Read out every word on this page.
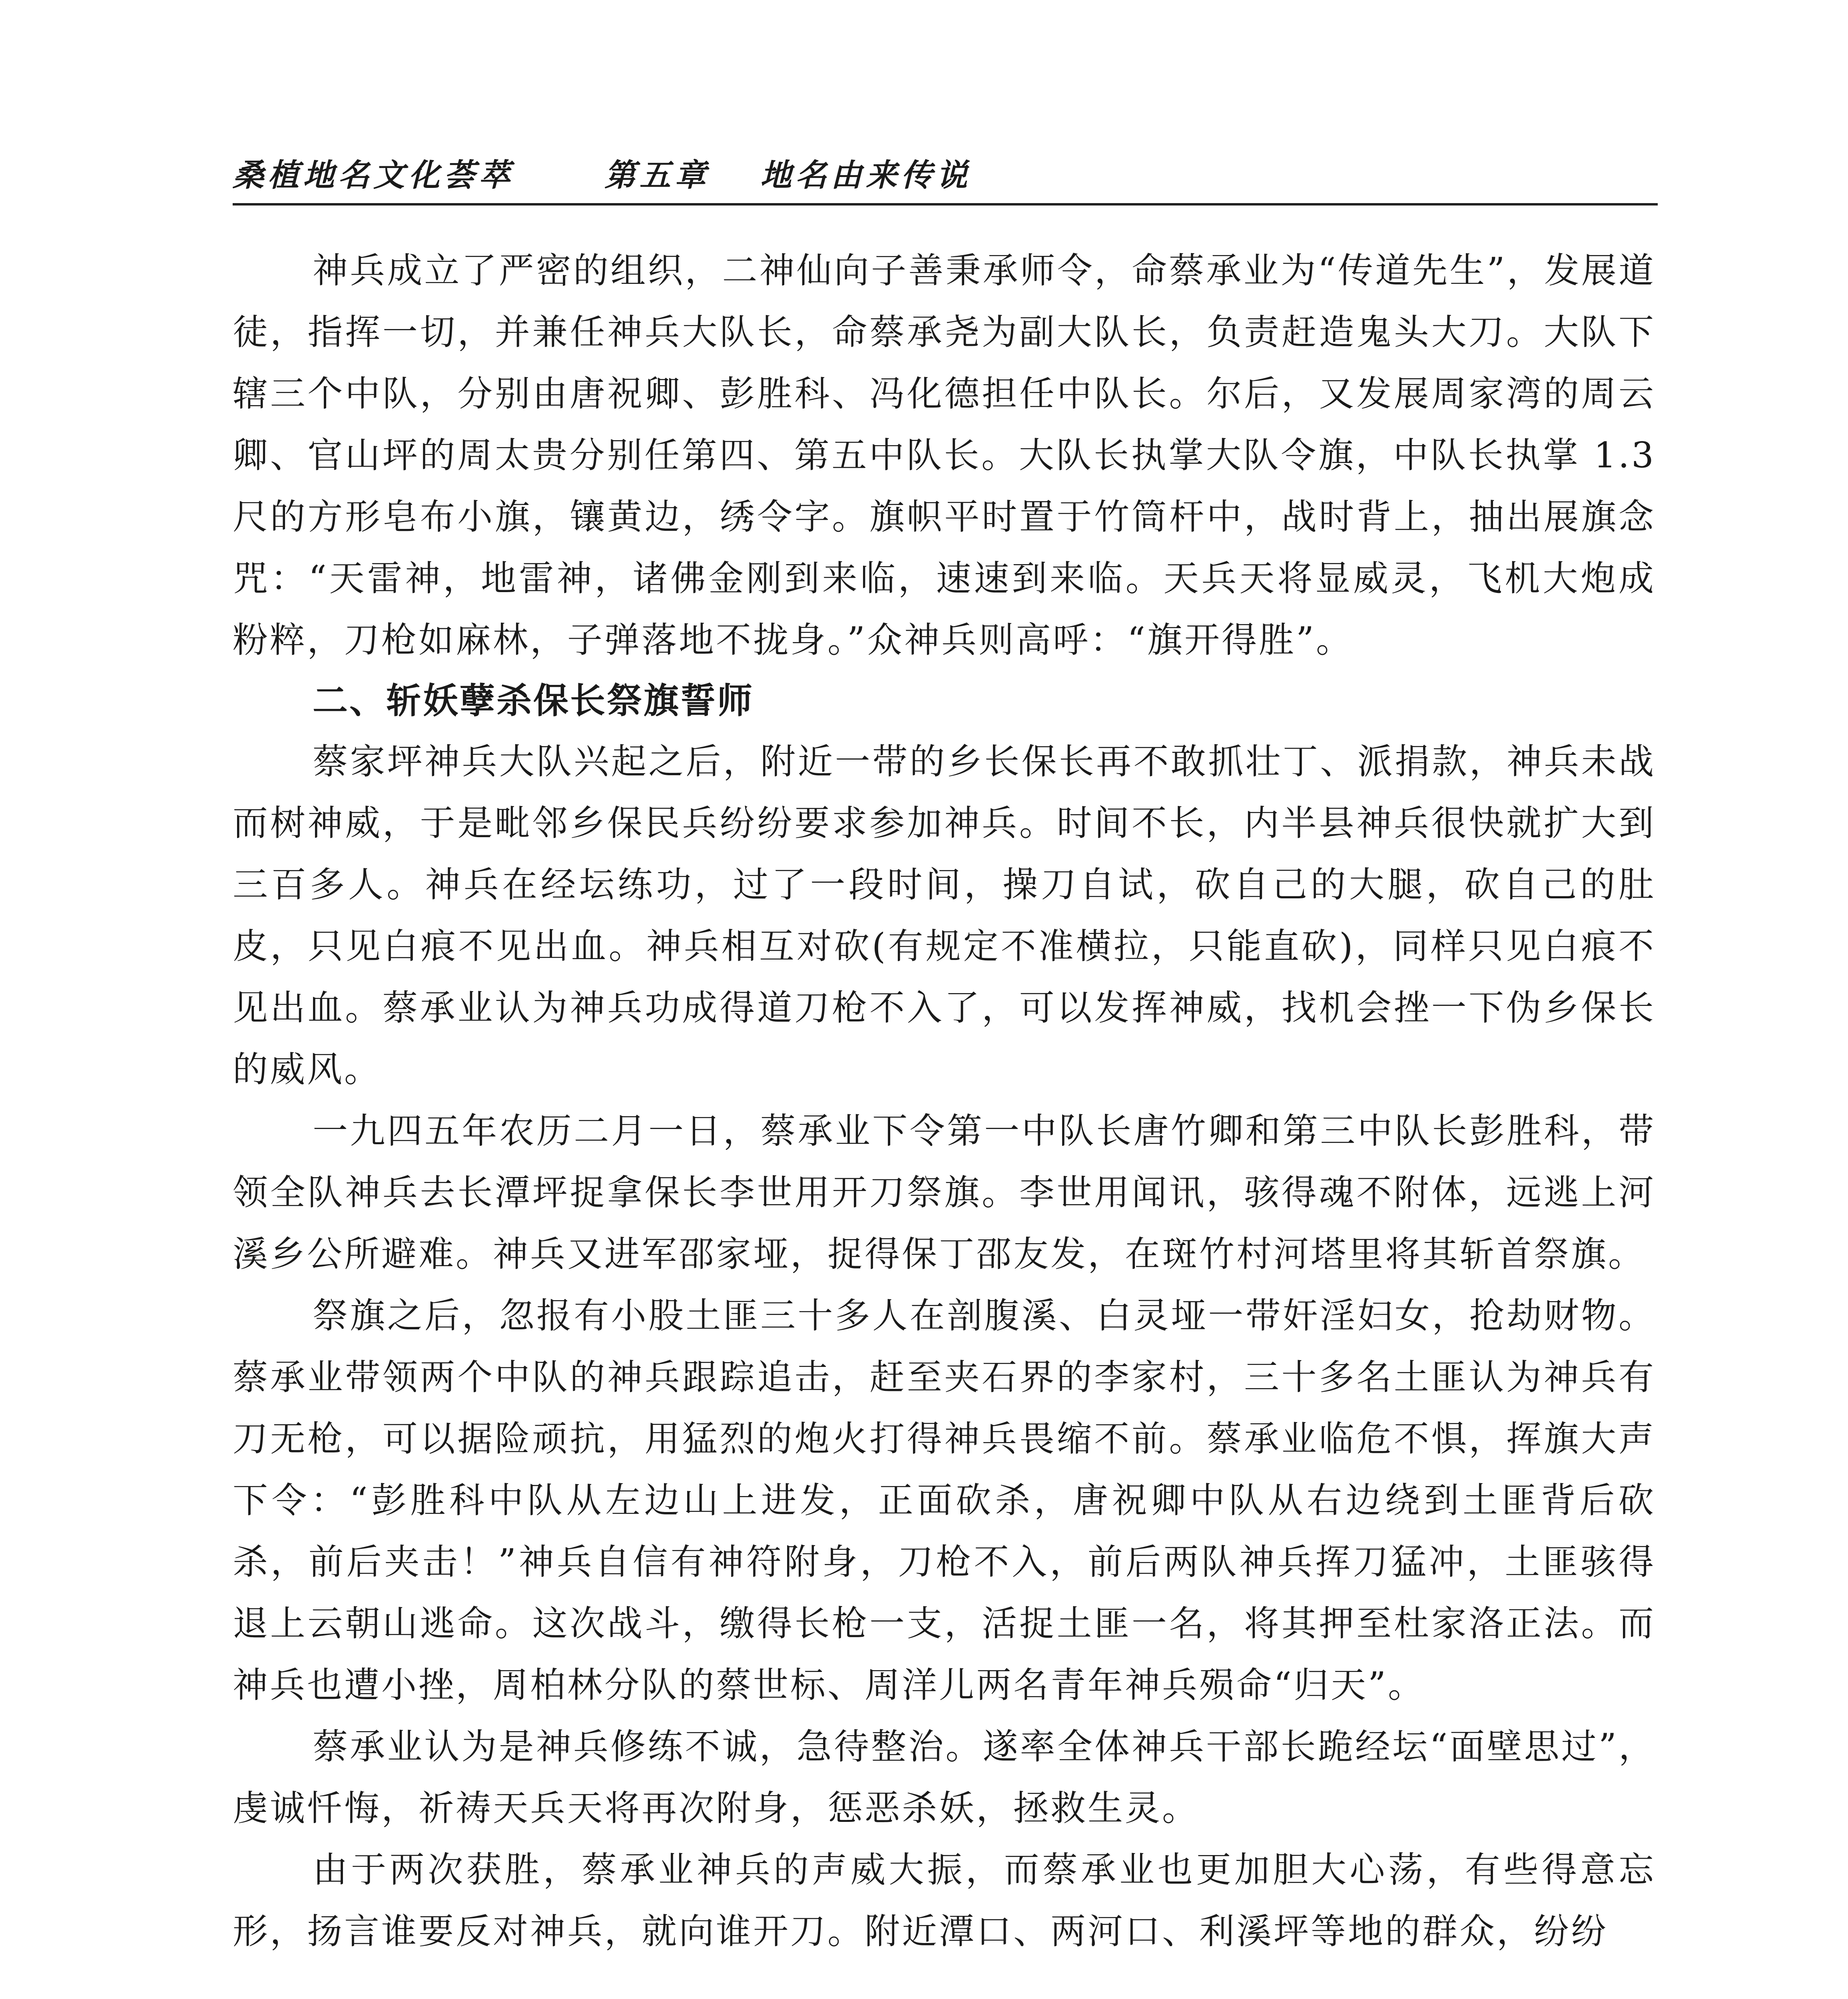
桑植地名文化荟萃	第五章 地名由来传说

神兵成立了严密的组织，二神仙向子善秉承师令，命蔡承业为“传道先生”，发展道徒，指挥一切，并兼任神兵大队长，命蔡承尧为副大队长，负责赶造鬼头大刀。大队下辖三个中队，分别由唐祝卿、彭胜科、冯化德担任中队长。尔后，又发展周家湾的周云卿、官山坪的周太贵分别任第四、第五中队长。大队长执掌大队令旗，中队长执掌 1.3 尺的方形皂布小旗，镶黄边，绣令字。旗帜平时置于竹筒杆中，战时背上，抽出展旗念咒：“天雷神，地雷神，诸佛金刚到来临，速速到来临。天兵天将显威灵，飞机大炮成粉粹，刀枪如麻林，子弹落地不拢身。”众神兵则高呼：“旗开得胜”。

二、斩妖孽杀保长祭旗誓师

蔡家坪神兵大队兴起之后，附近一带的乡长保长再不敢抓壮丁、派捐款，神兵未战而树神威，于是毗邻乡保民兵纷纷要求参加神兵。时间不长，内半县神兵很快就扩大到三百多人。神兵在经坛练功，过了一段时间，操刀自试，砍自己的大腿，砍自己的肚皮，只见白痕不见出血。神兵相互对砍(有规定不准横拉，只能直砍)，同样只见白痕不见出血。蔡承业认为神兵功成得道刀枪不入了，可以发挥神威，找机会挫一下伪乡保长的威风。

一九四五年农历二月一日，蔡承业下令第一中队长唐竹卿和第三中队长彭胜科，带领全队神兵去长潭坪捉拿保长李世用开刀祭旗。李世用闻讯，骇得魂不附体，远逃上河溪乡公所避难。神兵又进军邵家垭，捉得保丁邵友发，在斑竹村河塔里将其斩首祭旗。

祭旗之后，忽报有小股土匪三十多人在剖腹溪、白灵垭一带奸淫妇女，抢劫财物。蔡承业带领两个中队的神兵跟踪追击，赶至夹石界的李家村，三十多名土匪认为神兵有刀无枪，可以据险顽抗，用猛烈的炮火打得神兵畏缩不前。蔡承业临危不惧，挥旗大声下令：“彭胜科中队从左边山上进发，正面砍杀，唐祝卿中队从右边绕到土匪背后砍杀，前后夹击！”神兵自信有神符附身，刀枪不入，前后两队神兵挥刀猛冲，土匪骇得退上云朝山逃命。这次战斗，缴得长枪一支，活捉土匪一名，将其押至杜家洛正法。而神兵也遭小挫，周柏林分队的蔡世标、周洋儿两名青年神兵殒命“归天”。

蔡承业认为是神兵修练不诚，急待整治。遂率全体神兵干部长跪经坛“面壁思过”，虔诚忏悔，祈祷天兵天将再次附身，惩恶杀妖，拯救生灵。

由于两次获胜，蔡承业神兵的声威大振，而蔡承业也更加胆大心荡，有些得意忘形，扬言谁要反对神兵，就向谁开刀。附近潭口、两河口、利溪坪等地的群众，纷纷
